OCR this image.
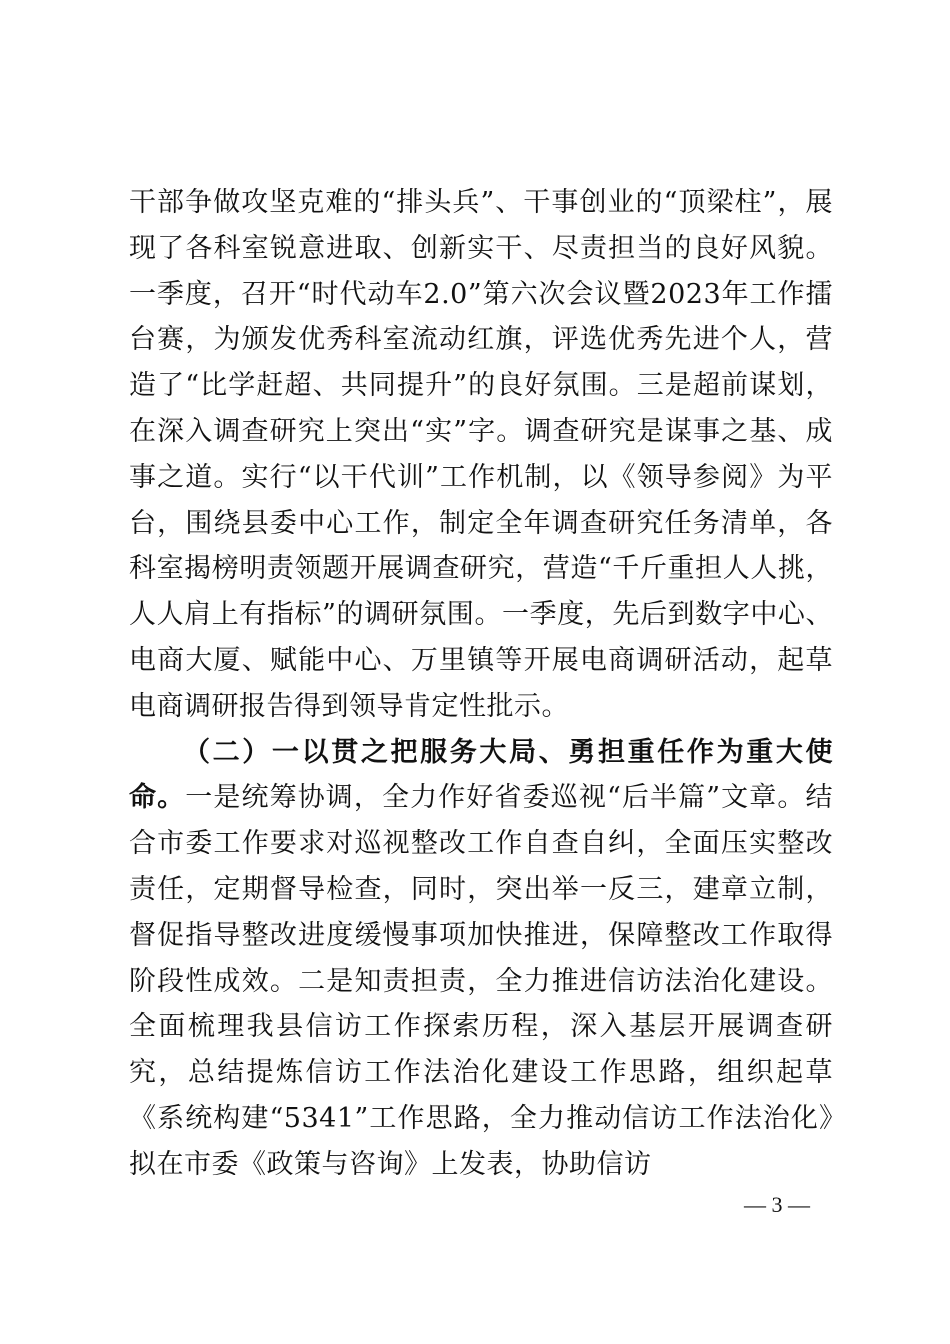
干部争做攻坚克难的“排头兵”、干事创业的“顶梁柱”，展现了各科室锐意进取、创新实干、尽责担当的良好风貌。一季度，召开“时代动车2.0”第六次会议暨2023年工作擂台赛，为颁发优秀科室流动红旗，评选优秀先进个人，营造了“比学赶超、共同提升”的良好氛围。三是超前谋划，在深入调查研究上突出“实”字。调查研究是谋事之基、成事之道。实行“以干代训”工作机制，以《领导参阅》为平台，围绕县委中心工作，制定全年调查研究任务清单，各科室揭榜明责领题开展调查研究，营造“千斤重担人人挑，人人肩上有指标”的调研氛围。一季度，先后到数字中心、电商大厦、赋能中心、万里镇等开展电商调研活动，起草电商调研报告得到领导肯定性批示。

（二）一以贯之把服务大局、勇担重任作为重大使命。一是统筹协调，全力作好省委巡视“后半篇”文章。结合市委工作要求对巡视整改工作自查自纠，全面压实整改责任，定期督导检查，同时，突出举一反三，建章立制，督促指导整改进度缓慢事项加快推进，保障整改工作取得阶段性成效。二是知责担责，全力推进信访法治化建设。全面梳理我县信访工作探索历程，深入基层开展调查研究，总结提炼信访工作法治化建设工作思路，组织起草《系统构建“5341”工作思路，全力推动信访工作法治化》拟在市委《政策与咨询》上发表，协助信访

— 3 —
